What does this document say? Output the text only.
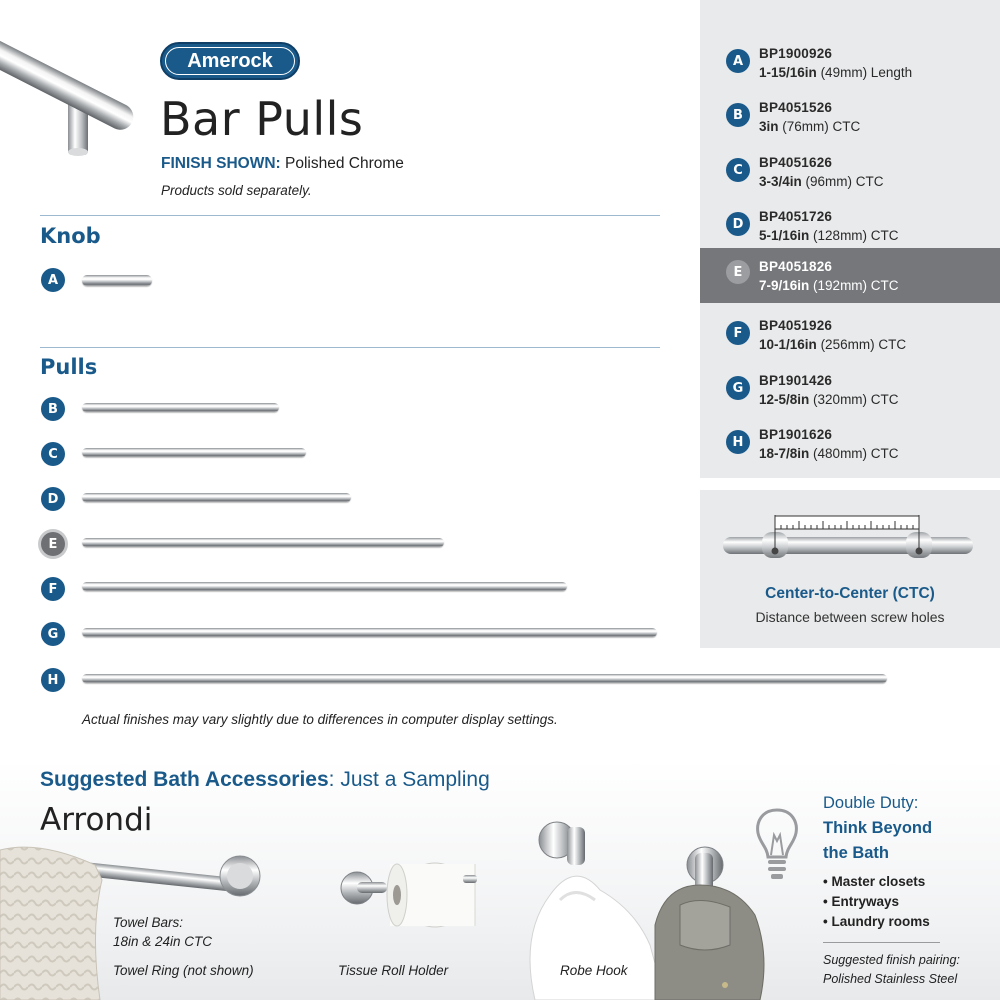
Amerock
Bar Pulls
FINISH SHOWN: Polished Chrome
Products sold separately.
Knob
A
Pulls
B
C
D
E
F
G
H
Actual finishes may vary slightly due to differences in computer display settings.
A	BP1900926
1-15/16in (49mm) Length
B	BP4051526
3in (76mm) CTC
C	BP4051626
3-3/4in (96mm) CTC
D	BP4051726
5-1/16in (128mm) CTC
E	BP4051826
7-9/16in (192mm) CTC
F	BP4051926
10-1/16in (256mm) CTC
G	BP1901426
12-5/8in (320mm) CTC
H	BP1901626
18-7/8in (480mm) CTC
Center-to-Center (CTC)
Distance between screw holes
Suggested Bath Accessories: Just a Sampling
Arrondi
Towel Bars:
18in & 24in CTC
Towel Ring (not shown)	Tissue Roll Holder	Robe Hook
Double Duty:
Think Beyond
the Bath
• Master closets
• Entryways
• Laundry rooms
Suggested finish pairing:
Polished Stainless Steel
